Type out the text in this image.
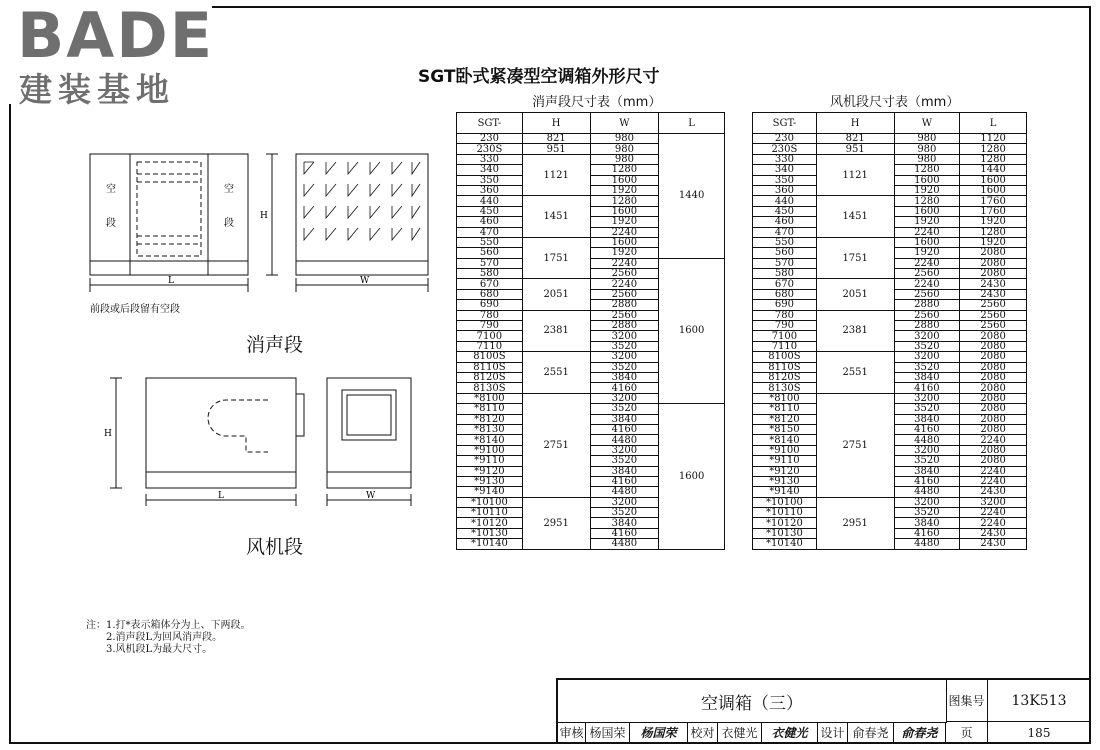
BADE
建装基地	SGT卧式紧凑型空调箱外形尺寸
消声段尺寸表（mm）	风机段尺寸表（mm）
空
段
空
段
L
H
W
前段或后段留有空段
消声段
L
H
W
风机段
注：1.打*表示箱体分为上、下两段。
2.消声段L为回风消声段。
3.风机段L为最大尺寸。
SGT-	H	W	L
230	821	980	1440
230S	951	980	
330	1121	980	
340		1280	
350		1600	
360		1920	
440	1451	1280	
450		1600	
460		1920	
470		2240	
550	1751	1600	
560		1920	
570		2240	1600
580		2560	
670	2051	2240	
680		2560	
690		2880	
780	2381	2560	
790		2880	
7100		3200	
7110		3520	
8100S	2551	3200	
8110S		3520	
8120S		3840	
8130S		4160	
*8100	2751	3200	
*8110		3520	1600
*8120		3840	
*8130		4160	
*8140		4480	
*9100		3200	
*9110		3520	
*9120		3840	
*9130		4160	
*9140		4480	
*10100	2951	3200	
*10110		3520	
*10120		3840	
*10130		4160	
*10140		4480	
SGT-	H	W	L
230	821	980	1120
230S	951	980	1280
330	1121	980	1280
340		1280	1440
350		1600	1600
360		1920	1600
440	1451	1280	1760
450		1600	1760
460		1920	1920
470		2240	1280
550	1751	1600	1920
560		1920	2080
570		2240	2080
580		2560	2080
670	2051	2240	2430
680		2560	2430
690		2880	2560
780	2381	2560	2560
790		2880	2560
7100		3200	2080
7110		3520	2080
8100S	2551	3200	2080
8110S		3520	2080
8120S		3840	2080
8130S		4160	2080
*8100	2751	3200	2080
*8110		3520	2080
*8120		3840	2080
*8150		4160	2080
*8140		4480	2240
*9100		3200	2080
*9110		3520	2080
*9120		3840	2240
*9130		4160	2240
*9140		4480	2430
*10100	2951	3200	3200
*10110		3520	2240
*10120		3840	2240
*10130		4160	2430
*10140		4480	2430
空调箱（三）	图集号	13K513
审核 杨国荣	杨国荣	校对 衣健光	衣健光	设计 俞春尧	俞春尧	页	185
